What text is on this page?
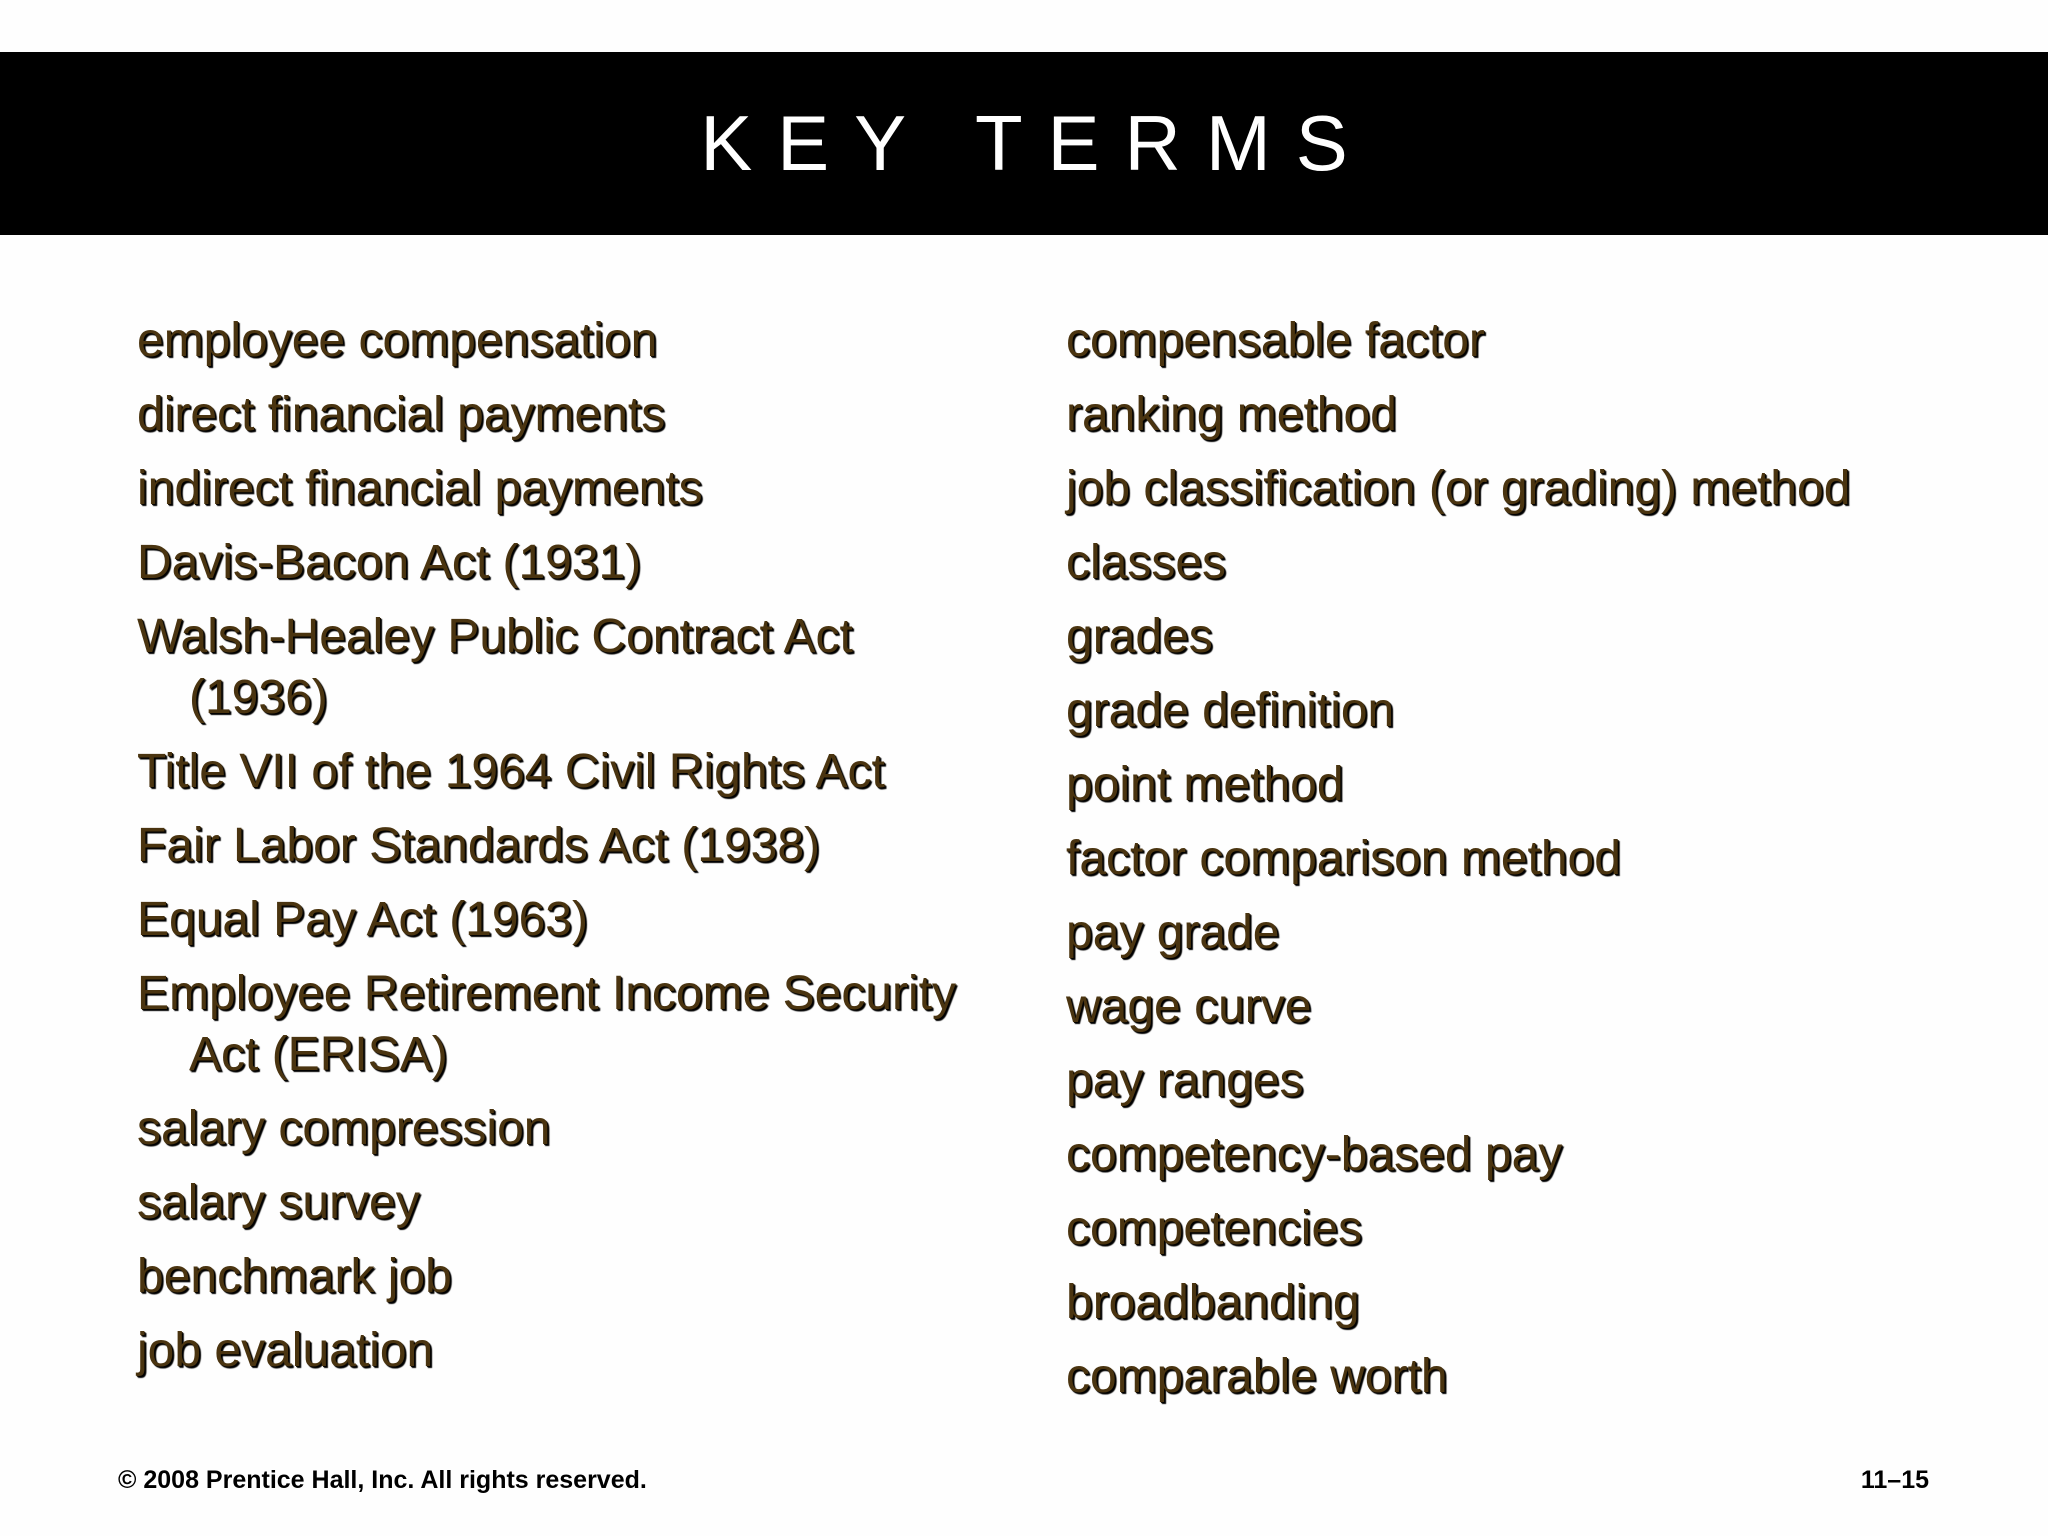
KEY TERMS
employee compensation
direct financial payments
indirect financial payments
Davis-Bacon Act (1931)
Walsh-Healey Public Contract Act (1936)
Title VII of the 1964 Civil Rights Act
Fair Labor Standards Act (1938)
Equal Pay Act (1963)
Employee Retirement Income Security Act (ERISA)
salary compression
salary survey
benchmark job
job evaluation
compensable factor
ranking method
job classification (or grading) method
classes
grades
grade definition
point method
factor comparison method
pay grade
wage curve
pay ranges
competency-based pay
competencies
broadbanding
comparable worth
© 2008 Prentice Hall, Inc. All rights reserved.	11–15
